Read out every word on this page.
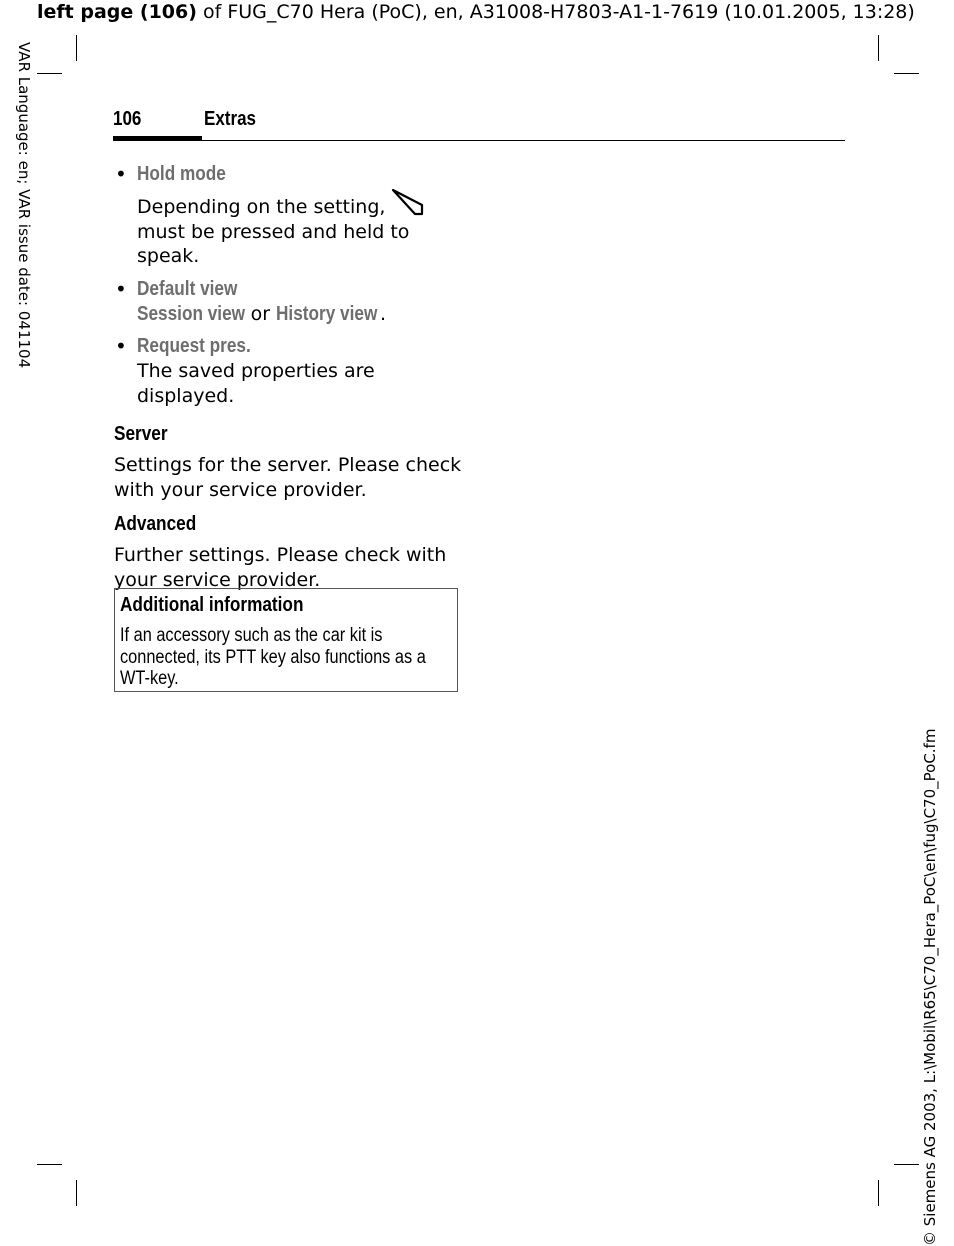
left page (106) of FUG_C70 Hera (PoC), en, A31008-H7803-A1-1-7619 (10.01.2005, 13:28)
VAR Language: en; VAR issue date: 041104
© Siemens AG 2003, L:\Mobil\R65\C70_Hera_PoC\en\fug\C70_PoC.fm
106	Extras
• Hold mode
Depending on the setting,
must be pressed and held to speak.
• Default view
Session view or History view .
• Request pres.
The saved properties are displayed.
Server

Settings for the server. Please check with your service provider.

Advanced

Further settings. Please check with your service provider.

Additional information
If an accessory such as the car kit is connected, its PTT key also functions as a WT-key.
